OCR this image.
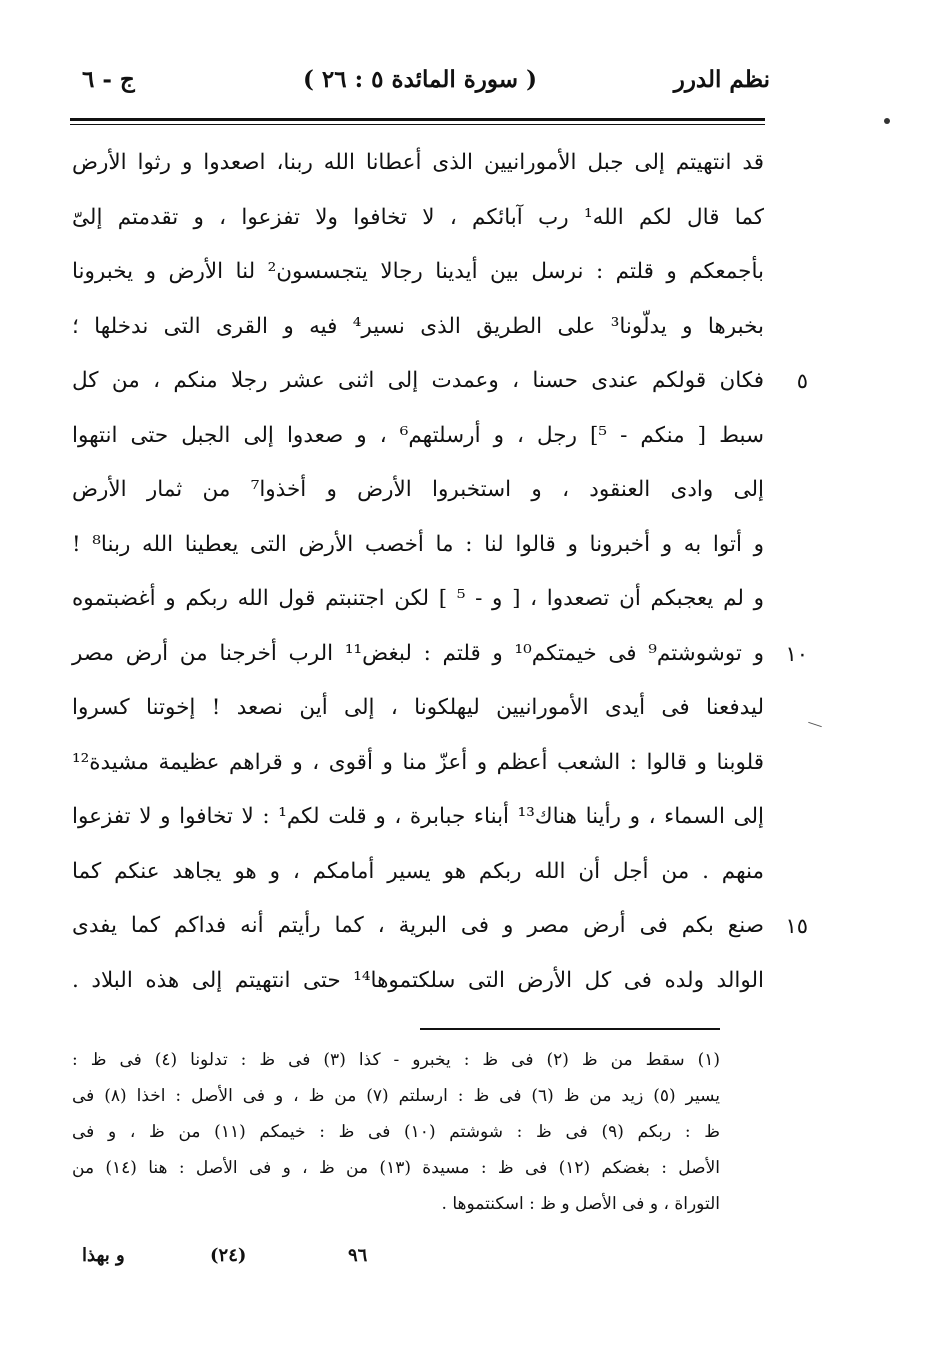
نظم الدرر
( سورة المائدة ٥ : ٢٦ )
ج - ٦
قد انتهيتم إلى جبل الأمورانيين الذى أعطانا الله ربنا، اصعدوا و رثوا الأرض
كما قال لكم الله¹ رب آبائكم ، لا تخافوا ولا تفزعوا ، و تقدمتم إلىّ
بأجمعكم و قلتم : نرسل بين أيدينا رجالا يتجسسون² لنا الأرض و يخبرونا
بخبرها و يدلّونا³ على الطريق الذى نسير⁴ فيه و القرى التى ندخلها ؛
٥
فكان قولكم عندى حسنا ، وعمدت إلى اثنى عشر رجلا منكم ، من كل
سبط [ منكم - ⁵] رجل ، و أرسلتهم⁶ ، و صعدوا إلى الجبل حتى انتهوا
إلى وادى العنقود ، و استخبروا الأرض و أخذوا⁷ من ثمار الأرض
و أتوا به و أخبرونا و قالوا لنا : ما أخصب الأرض التى يعطينا الله ربنا⁸ !
و لم يعجبكم أن تصعدوا ، [ و - ⁵ ] لكن اجتنبتم قول الله ربكم و أغضبتموه
١٠
و توشوشتم⁹ فى خيمتكم¹⁰ و قلتم : لبغض¹¹ الرب أخرجنا من أرض مصر
ليدفعنا فى أيدى الأمورانيين ليهلكونا ، إلى أين نصعد ! إخوتنا كسروا
قلوبنا و قالوا : الشعب أعظم و أعزّ منا و أقوى ، و قراهم عظيمة مشيدة¹²
إلى السماء ، و رأينا هناك¹³ أبناء جبابرة ، و قلت لكم¹ : لا تخافوا و لا تفزعوا
منهم . من أجل أن الله ربكم هو يسير أمامكم ، و هو يجاهد عنكم كما
١٥
صنع بكم فى أرض مصر و فى البرية ، كما رأيتم أنه فداكم كما يفدى
الوالد ولده فى كل الأرض التى سلكتموها¹⁴ حتى انتهيتم إلى هذه البلاد .
(١) سقط من ظ (٢) فى ظ : يخبرو - كذا (٣) فى ظ : تدلونا (٤) فى ظ :
يسير (٥) زيد من ظ (٦) فى ظ : ارسلتم (٧) من ظ ، و فى الأصل : اخذا (٨) فى
ظ : ربكم (٩) فى ظ : شوشتم (١٠) فى ظ : خيمكم (١١) من ظ ، و فى
الأصل : بغضكم (١٢) فى ظ : مسيدة (١٣) من ظ ، و فى الأصل : هنا (١٤) من
التوراة ، و فى الأصل و ظ : اسكنتموها .
و بهذا	(٢٤)	٩٦
